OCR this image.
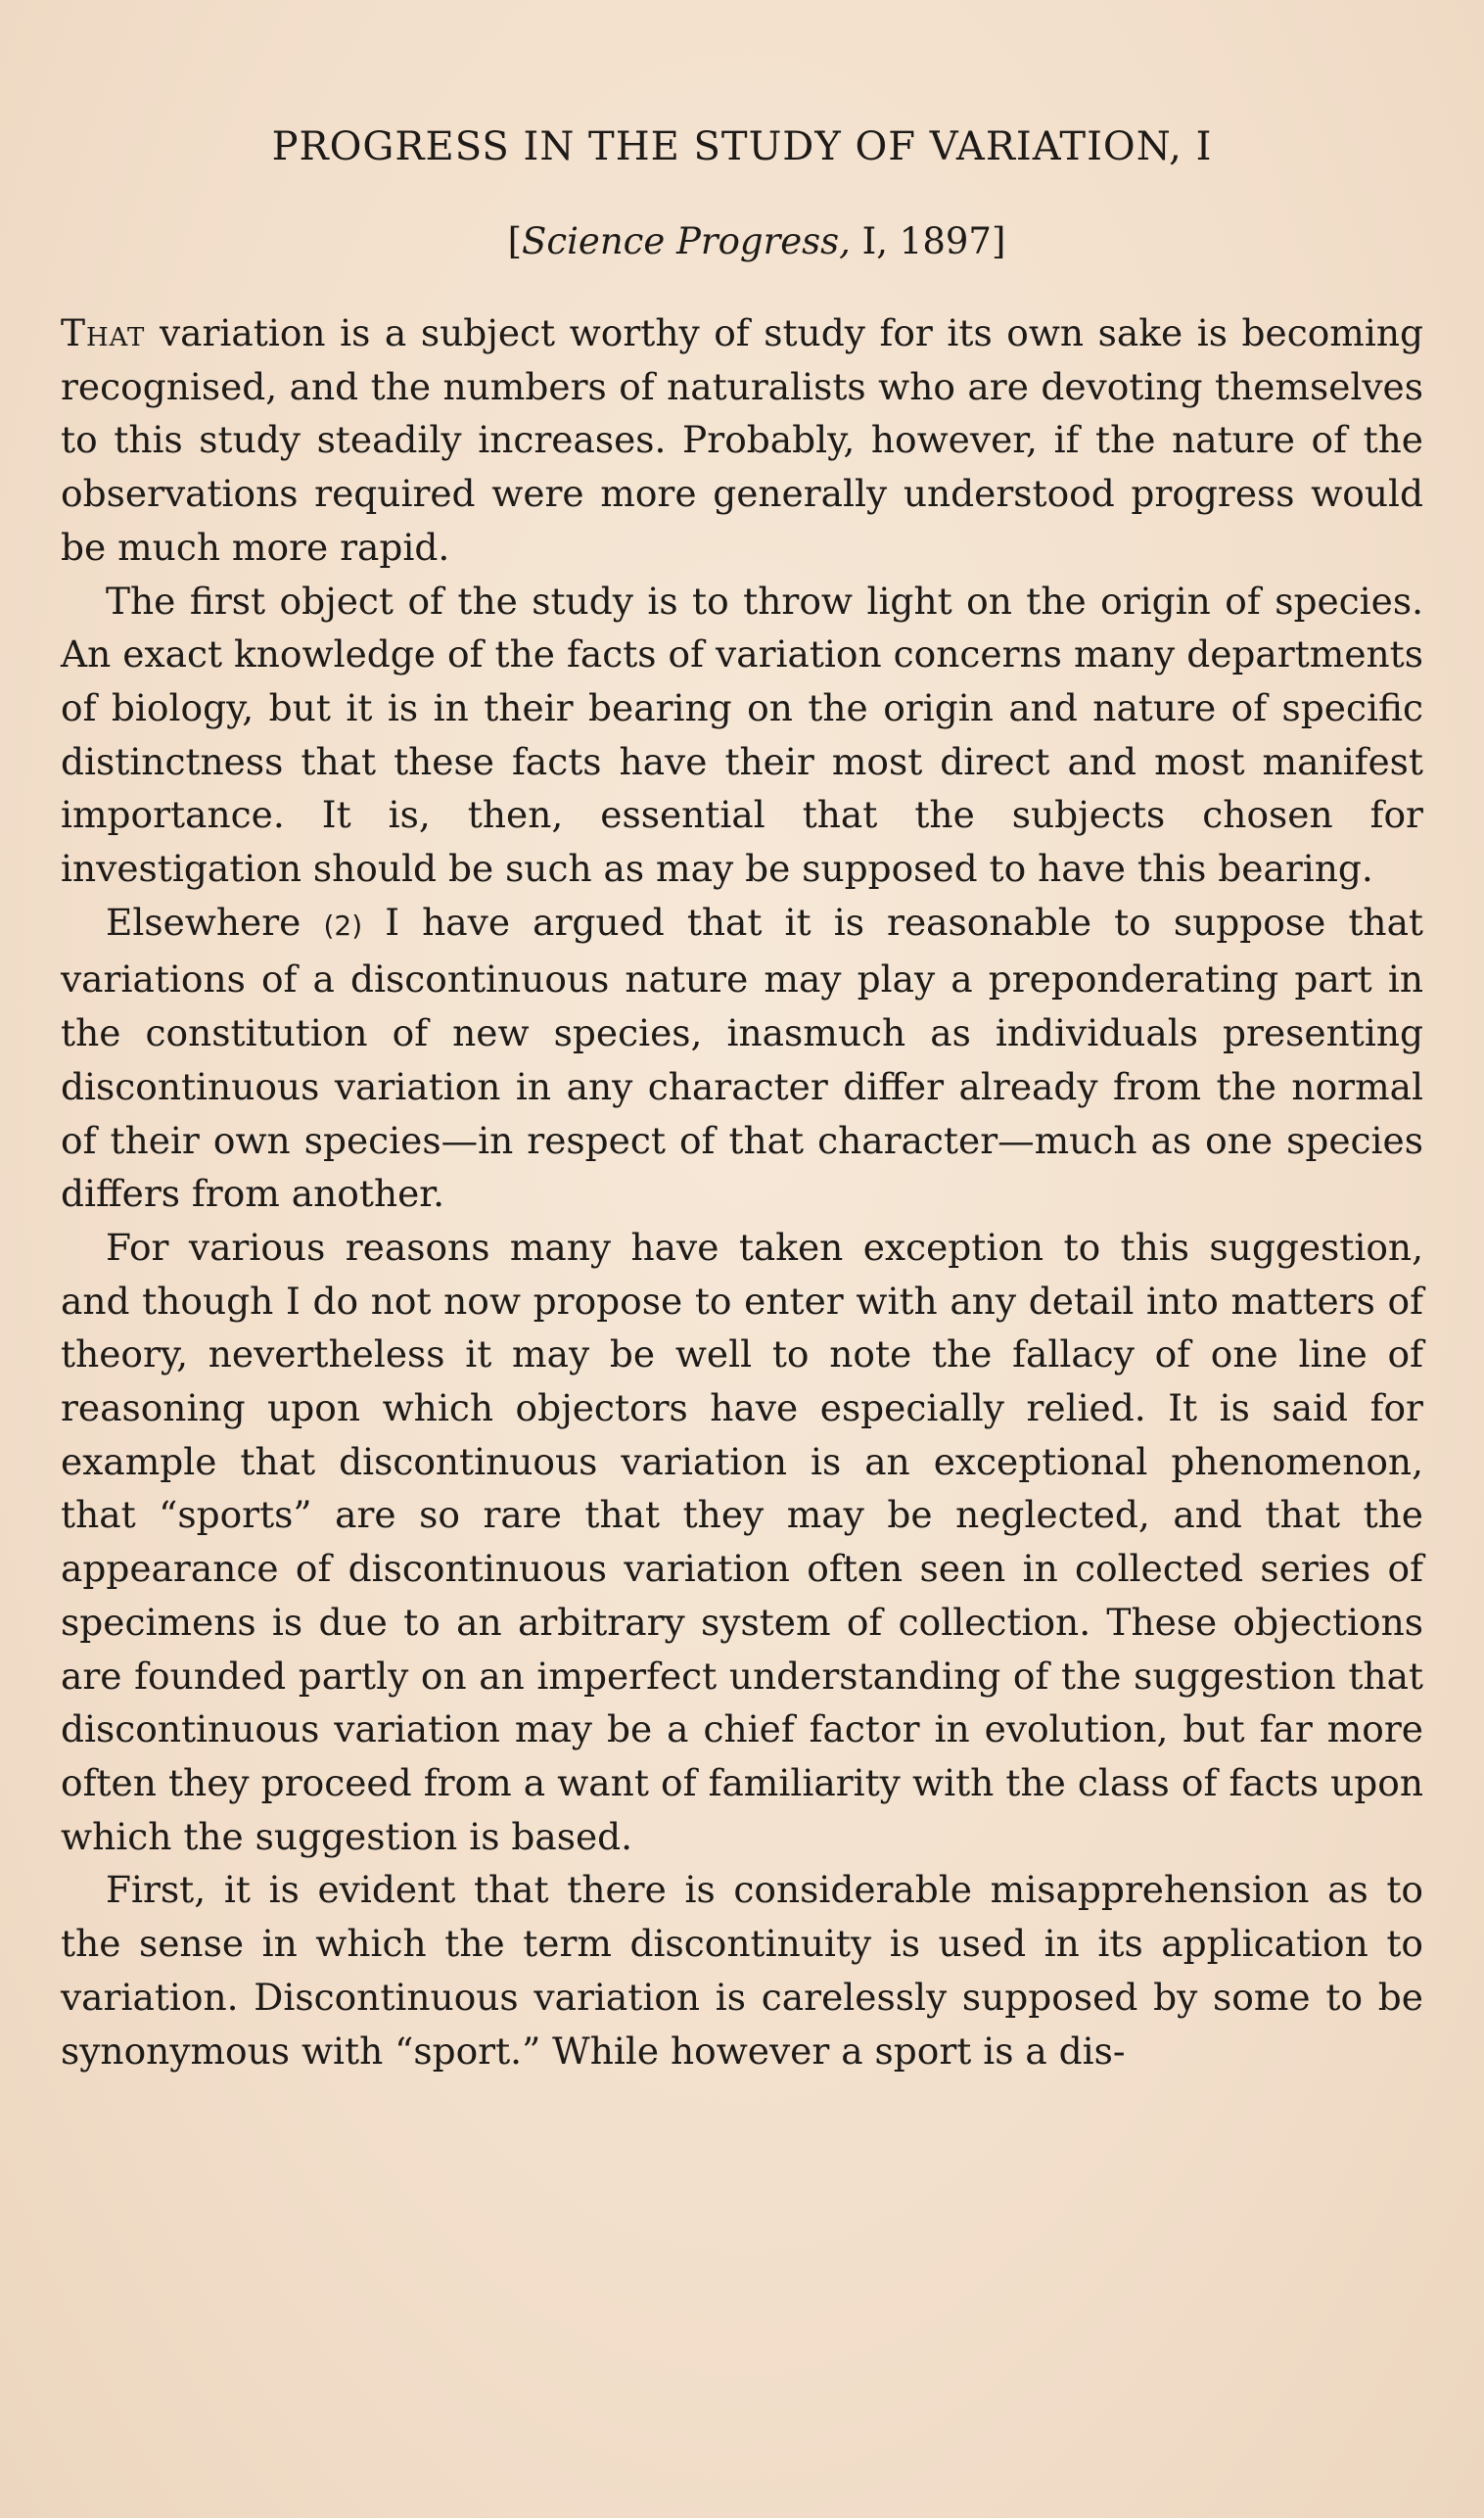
PROGRESS IN THE STUDY OF VARIATION, I
[Science Progress, I, 1897]

That variation is a subject worthy of study for its own sake is becoming recognised, and the numbers of naturalists who are devoting themselves to this study steadily increases. Probably, however, if the nature of the observations required were more generally understood progress would be much more rapid.

The first object of the study is to throw light on the origin of species. An exact knowledge of the facts of variation concerns many departments of biology, but it is in their bearing on the origin and nature of specific distinctness that these facts have their most direct and most manifest importance. It is, then, essential that the subjects chosen for investigation should be such as may be supposed to have this bearing.

Elsewhere (2) I have argued that it is reasonable to suppose that variations of a discontinuous nature may play a preponderating part in the constitution of new species, inasmuch as individuals presenting discontinuous variation in any character differ already from the normal of their own species—in respect of that character—much as one species differs from another.

For various reasons many have taken exception to this suggestion, and though I do not now propose to enter with any detail into matters of theory, nevertheless it may be well to note the fallacy of one line of reasoning upon which objectors have especially relied. It is said for example that discontinuous variation is an exceptional phenomenon, that “sports” are so rare that they may be neglected, and that the appearance of discontinuous variation often seen in collected series of specimens is due to an arbitrary system of collection. These objections are founded partly on an imperfect understanding of the suggestion that discontinuous variation may be a chief factor in evolution, but far more often they proceed from a want of familiarity with the class of facts upon which the suggestion is based.

First, it is evident that there is considerable misapprehension as to the sense in which the term discontinuity is used in its application to variation. Discontinuous variation is carelessly supposed by some to be synonymous with “sport.” While however a sport is a dis-
